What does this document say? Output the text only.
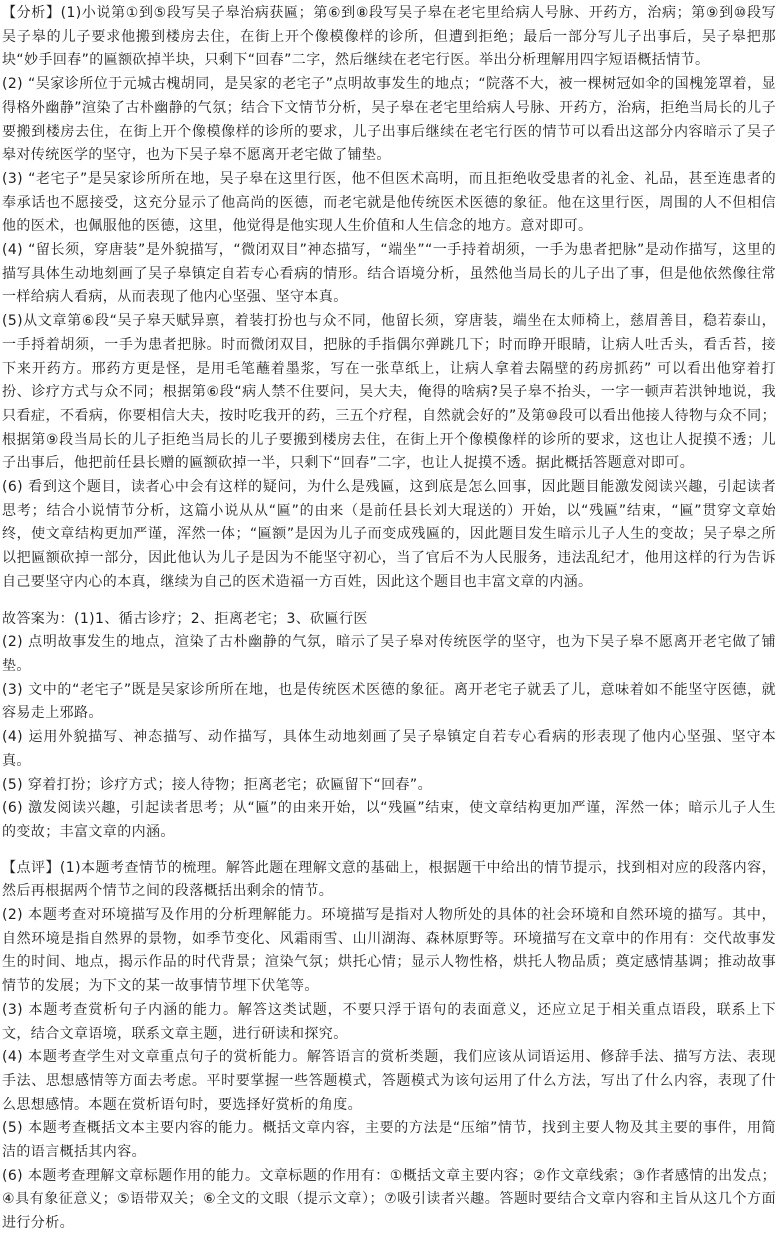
【分析】(1)小说第①到⑤段写吴子皋治病获匾；第⑥到⑧段写吴子皋在老宅里给病人号脉、开药方，治病；第⑨到⑩段写吴子皋的儿子要求他搬到楼房去住，在街上开个像模像样的诊所，但遭到拒绝；最后一部分写儿子出事后，吴子皋把那块“妙手回春”的匾额砍掉半块，只剩下“回春”二字，然后继续在老宅行医。举出分析理解用四字短语概括情节。

(2) “吴家诊所位于元城古槐胡同，是吴家的老宅子”点明故事发生的地点；“院落不大，被一棵树冠如伞的国槐笼罩着，显得格外幽静”渲染了古朴幽静的气氛；结合下文情节分析，吴子皋在老宅里给病人号脉、开药方，治病，拒绝当局长的儿子要搬到楼房去住，在街上开个像模像样的诊所的要求，儿子出事后继续在老宅行医的情节可以看出这部分内容暗示了吴子皋对传统医学的坚守，也为下吴子皋不愿离开老宅做了铺垫。

(3) “老宅子”是吴家诊所所在地，吴子皋在这里行医，他不但医术高明，而且拒绝收受患者的礼金、礼品，甚至连患者的奉承话也不愿接受，这充分显示了他高尚的医德，而老宅就是他传统医术医德的象征。他在这里行医，周围的人不但相信他的医术，也佩服他的医德，这里，他觉得是他实现人生价值和人生信念的地方。意对即可。

(4) “留长须，穿唐装”是外貌描写，“微闭双目”神态描写，“端坐”“一手持着胡须，一手为患者把脉”是动作描写，这里的描写具体生动地刻画了吴子皋镇定自若专心看病的情形。结合语境分析，虽然他当局长的儿子出了事，但是他依然像往常一样给病人看病，从而表现了他内心坚强、坚守本真。

(5)从文章第⑥段“吴子皋天赋异禀，着装打扮也与众不同，他留长须，穿唐装，端坐在太师椅上，慈眉善目，稳若泰山，一手捋着胡须，一手为患者把脉。时而微闭双目，把脉的手指偶尔弹跳几下；时而睁开眼睛，让病人吐舌头，看舌苔，接下来开药方。邢药方更是怪，是用毛笔蘸着墨浆，写在一张草纸上，让病人拿着去隔壁的药房抓药” 可以看出他穿着打扮、诊疗方式与众不同；根据第⑥段“病人禁不住要问，吴大夫，俺得的啥病?吴子皋不抬头，一字一顿声若洪钟地说，我只看症，不看病，你要相信大夫，按时吃我开的药，三五个疗程，自然就会好的”及第⑩段可以看出他接人待物与众不同；根据第⑨段当局长的儿子拒绝当局长的儿子要搬到楼房去住，在街上开个像模像样的诊所的要求，这也让人捉摸不透；儿子出事后，他把前任县长赠的匾额砍掉一半，只剩下“回春”二字，也让人捉摸不透。据此概括答题意对即可。

(6) 看到这个题目，读者心中会有这样的疑问，为什么是残匾，这到底是怎么回事，因此题目能激发阅读兴趣，引起读者思考；结合小说情节分析，这篇小说从从“匾”的由来（是前任县长刘大琨送的）开始，以“残匾”结束，“匾”贯穿文章始终，使文章结构更加严谨，浑然一体；“匾额”是因为儿子而变成残匾的，因此题目发生暗示儿子人生的变故；吴子皋之所以把匾额砍掉一部分，因此他认为儿子是因为不能坚守初心，当了官后不为人民服务，违法乱纪才，他用这样的行为告诉自己要坚守内心的本真，继续为自己的医术造福一方百姓，因此这个题目也丰富文章的内涵。

故答案为：(1)1、循古诊疗；2、拒离老宅；3、砍匾行医

(2) 点明故事发生的地点，渲染了古朴幽静的气氛，暗示了吴子皋对传统医学的坚守，也为下吴子皋不愿离开老宅做了铺垫。

(3) 文中的“老宅子”既是吴家诊所所在地，也是传统医术医德的象征。离开老宅子就丢了儿，意味着如不能坚守医德，就容易走上邪路。

(4) 运用外貌描写、神态描写、动作描写，具体生动地刻画了吴子皋镇定自若专心看病的形表现了他内心坚强、坚守本真。

(5) 穿着打扮；诊疗方式；接人待物；拒离老宅；砍匾留下“回春”。

(6) 激发阅读兴趣，引起读者思考；从“匾”的由来开始，以“残匾”结束，使文章结构更加严谨，浑然一体；暗示儿子人生的变故；丰富文章的内涵。

【点评】(1)本题考查情节的梳理。解答此题在理解文意的基础上，根据题干中给出的情节提示，找到相对应的段落内容，然后再根据两个情节之间的段落概括出剩余的情节。

(2) 本题考查对环境描写及作用的分析理解能力。环境描写是指对人物所处的具体的社会环境和自然环境的描写。其中，自然环境是指自然界的景物，如季节变化、风霜雨雪、山川湖海、森林原野等。环境描写在文章中的作用有：交代故事发生的时间、地点，揭示作品的时代背景；渲染气氛；烘托心情；显示人物性格，烘托人物品质；奠定感情基调；推动故事情节的发展；为下文的某一故事情节埋下伏笔等。

(3) 本题考查赏析句子内涵的能力。解答这类试题，不要只浮于语句的表面意义，还应立足于相关重点语段，联系上下文，结合文章语境，联系文章主题，进行研读和探究。

(4) 本题考查学生对文章重点句子的赏析能力。解答语言的赏析类题，我们应该从词语运用、修辞手法、描写方法、表现手法、思想感情等方面去考虑。平时要掌握一些答题模式，答题模式为该句运用了什么方法，写出了什么内容，表现了什么思想感情。本题在赏析语句时，要选择好赏析的角度。

(5) 本题考查概括文本主要内容的能力。概括文章内容，主要的方法是“压缩”情节，找到主要人物及其主要的事件，用简洁的语言概括其内容。

(6) 本题考查理解文章标题作用的能力。文章标题的作用有：①概括文章主要内容；②作文章线索；③作者感情的出发点；④具有象征意义；⑤语带双关；⑥全文的文眼（提示文章）；⑦吸引读者兴趣。答题时要结合文章内容和主旨从这几个方面进行分析。
